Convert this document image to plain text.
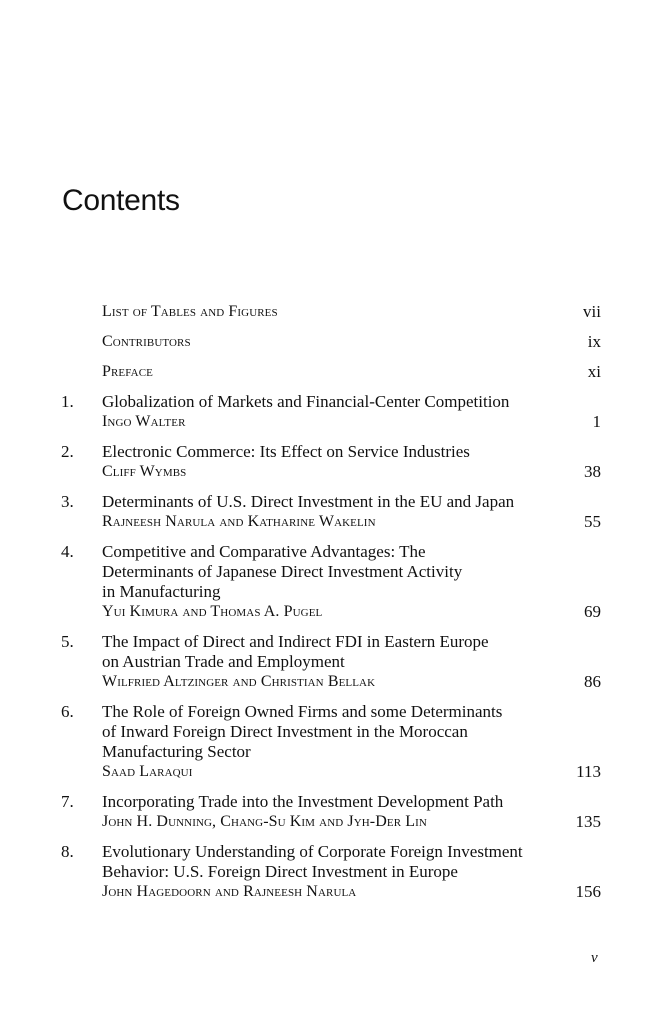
Contents
List of Tables and Figures	vii
Contributors	ix
Preface	xi
1. Globalization of Markets and Financial-Center Competition
Ingo Walter	1
2. Electronic Commerce: Its Effect on Service Industries
Cliff Wymbs	38
3. Determinants of U.S. Direct Investment in the EU and Japan
Rajneesh Narula and Katharine Wakelin	55
4. Competitive and Comparative Advantages: The
Determinants of Japanese Direct Investment Activity
in Manufacturing
Yui Kimura and Thomas A. Pugel	69
5. The Impact of Direct and Indirect FDI in Eastern Europe
on Austrian Trade and Employment
Wilfried Altzinger and Christian Bellak	86
6. The Role of Foreign Owned Firms and some Determinants
of Inward Foreign Direct Investment in the Moroccan
Manufacturing Sector
Saad Laraqui	113
7. Incorporating Trade into the Investment Development Path
John H. Dunning, Chang-Su Kim and Jyh-Der Lin	135
8. Evolutionary Understanding of Corporate Foreign Investment
Behavior: U.S. Foreign Direct Investment in Europe
John Hagedoorn and Rajneesh Narula	156
v
